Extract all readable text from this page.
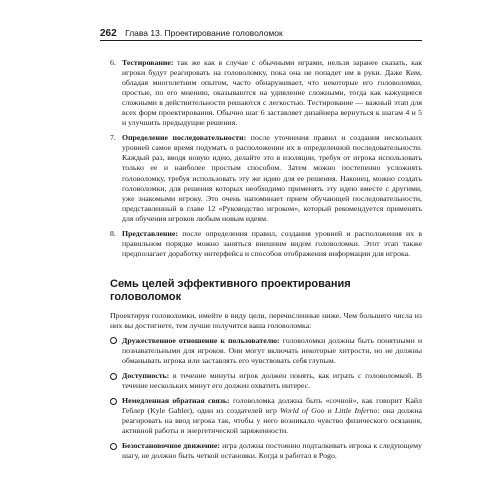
262 Глава 13. Проектирование головоломок
6. Тестирование: так же как в случае с обычными играми, нельзя заранее сказать, как игроки будут реагировать на головоломку, пока она не попадет им в руки. Даже Ким, обладая многолетним опытом, часто обнаруживает, что некоторые его головоломки, простые, по его мнению, оказываются на удивление сложными, тогда как кажущиеся сложными в действительности решаются с легкостью. Тестирование — важный этап для всех форм проектирования. Обычно шаг 6 заставляет дизайнера вернуться к шагам 4 и 5 и улучшить предыдущие решения.
7. Определение последовательности: после уточнения правил и создания нескольких уровней самое время подумать о расположении их в определенной последовательности. Каждый раз, вводя новую идею, делайте это в изоляции, требуя от игрока использовать только ее и наиболее простым способом. Затем можно постепенно усложнять головоломку, требуя использовать эту же идею для ее решения. Наконец, можно создать головоломки, для решения которых необходимо применять эту идею вместе с другими, уже знакомыми игроку. Это очень напоминает прием обучающей последовательности, представленный в главе 12 «Руководство игроком», который рекомендуется применять для обучения игроков любым новым идеям.
8. Представление: после определения правил, создания уровней и расположения их в правильном порядке можно заняться внешним видом головоломки. Этот этап также предполагает доработку интерфейса и способов отображения информации для игрока.
Семь целей эффективного проектирования головоломок

Проектируя головоломки, имейте в виду цели, перечисленные ниже. Чем большего числа из них вы достигнете, тем лучше получится ваша головоломка:

Дружественное отношение к пользователю: головоломки должны быть понятными и познавательными для игроков. Они могут включать некоторые хитрости, но не должны обманывать игрока или заставлять его чувствовать себя глупым.
Доступность: в течение минуты игрок должен понять, как играть с головоломкой. В течение нескольких минут его должен охватить интерес.
Немедленная обратная связь: головоломка должна быть «сочной», как говорит Кайл Геблер (Kyle Gabler), один из создателей игр World of Goo и Little Inferno: она должна реагировать на ввод игрока так, чтобы у него возникало чувство физического осязания, активной работы и энергетической заряженности.
Безостановочное движение: игра должна постоянно подталкивать игрока к следующему шагу, не должно быть четкой остановки. Когда я работал в Pogo.
